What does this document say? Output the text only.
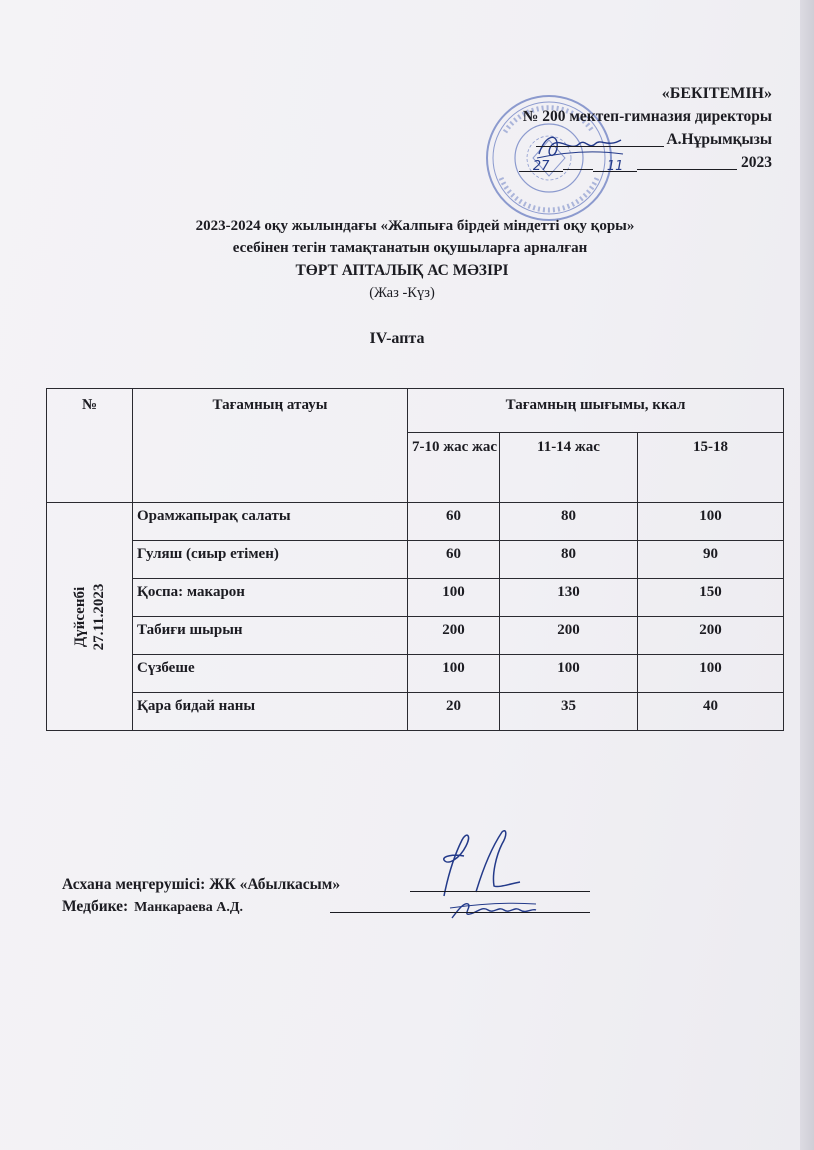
«БЕКІТЕМІН»
№ 200 мектеп-гимназия директоры
А.Нұрымқызы
27	11	2023
2023-2024 оқу жылындағы «Жалпыға бірдей міндетті оқу қоры»
есебінен тегін тамақтанатын оқушыларға арналған
ТӨРТ АПТАЛЫҚ АС МӘЗІРІ
(Жаз -Күз)
IV-апта
№	Тағамның атауы	Тағамның шығымы, ккал		
		7-10 жас жас	11-14 жас	15-18

Дүйсенбі 27.11.2023	Орамжапырақ салаты	60	80	100
	Гуляш (сиыр етімен)	60	80	90
	Қоспа: макарон	100	130	150
	Табиғи шырын	200	200	200
	Сүзбеше	100	100	100
	Қара бидай наны	20	35	40
Асхана меңгерушісі: ЖК «Абылкасым»
Медбике: Манкараева А.Д.
